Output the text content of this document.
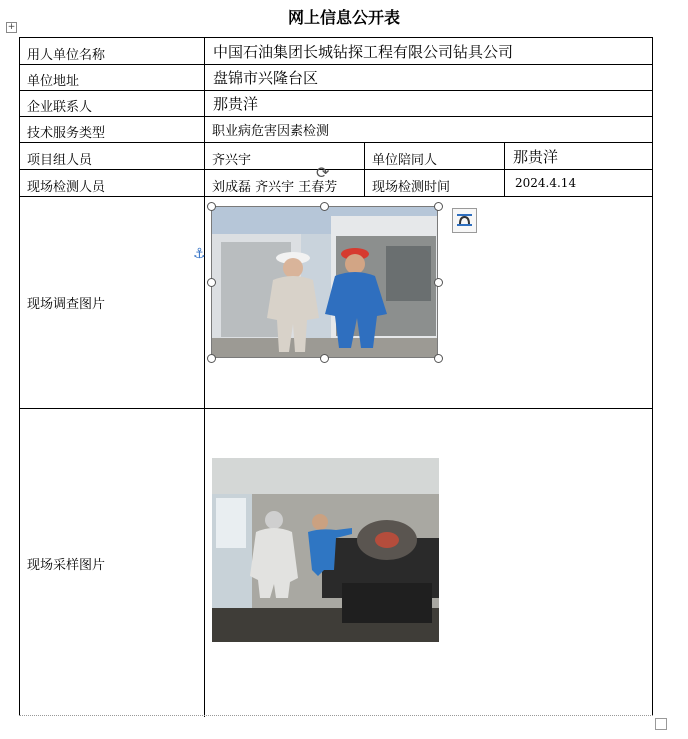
网上信息公开表
+
用人单位名称	中国石油集团长城钻探工程有限公司钻具公司
单位地址	盘锦市兴隆台区
企业联系人	那贵洋
技术服务类型	职业病危害因素检测
项目组人员	齐兴宇	单位陪同人	那贵洋
现场检测人员	刘成磊 齐兴宇 王春芳	现场检测时间	2024.4.14
现场调查图片
现场采样图片
⟳
⚓
